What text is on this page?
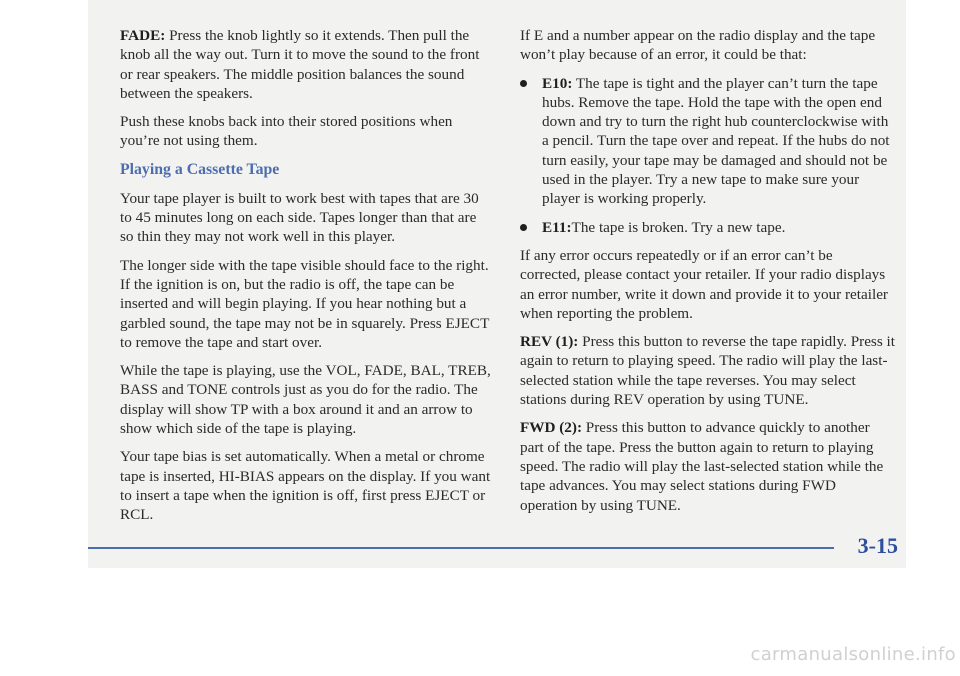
FADE: Press the knob lightly so it extends. Then pull the knob all the way out. Turn it to move the sound to the front or rear speakers. The middle position balances the sound between the speakers.

Push these knobs back into their stored positions when you’re not using them.

Playing a Cassette Tape

Your tape player is built to work best with tapes that are 30 to 45 minutes long on each side. Tapes longer than that are so thin they may not work well in this player.

The longer side with the tape visible should face to the right. If the ignition is on, but the radio is off, the tape can be inserted and will begin playing. If you hear nothing but a garbled sound, the tape may not be in squarely. Press EJECT to remove the tape and start over.

While the tape is playing, use the VOL, FADE, BAL, TREB, BASS and TONE controls just as you do for the radio. The display will show TP with a box around it and an arrow to show which side of the tape is playing.

Your tape bias is set automatically. When a metal or chrome tape is inserted, HI-BIAS appears on the display. If you want to insert a tape when the ignition is off, first press EJECT or RCL.

If E and a number appear on the radio display and the tape won’t play because of an error, it could be that:

E10: The tape is tight and the player can’t turn the tape hubs. Remove the tape. Hold the tape with the open end down and try to turn the right hub counterclockwise with a pencil. Turn the tape over and repeat. If the hubs do not turn easily, your tape may be damaged and should not be used in the player. Try a new tape to make sure your player is working properly.
E11:The tape is broken. Try a new tape.

If any error occurs repeatedly or if an error can’t be corrected, please contact your retailer. If your radio displays an error number, write it down and provide it to your retailer when reporting the problem.

REV (1): Press this button to reverse the tape rapidly. Press it again to return to playing speed. The radio will play the last-selected station while the tape reverses. You may select stations during REV operation by using TUNE.

FWD (2): Press this button to advance quickly to another part of the tape. Press the button again to return to playing speed. The radio will play the last-selected station while the tape advances. You may select stations during FWD operation by using TUNE.

3-15
carmanualsonline.info
